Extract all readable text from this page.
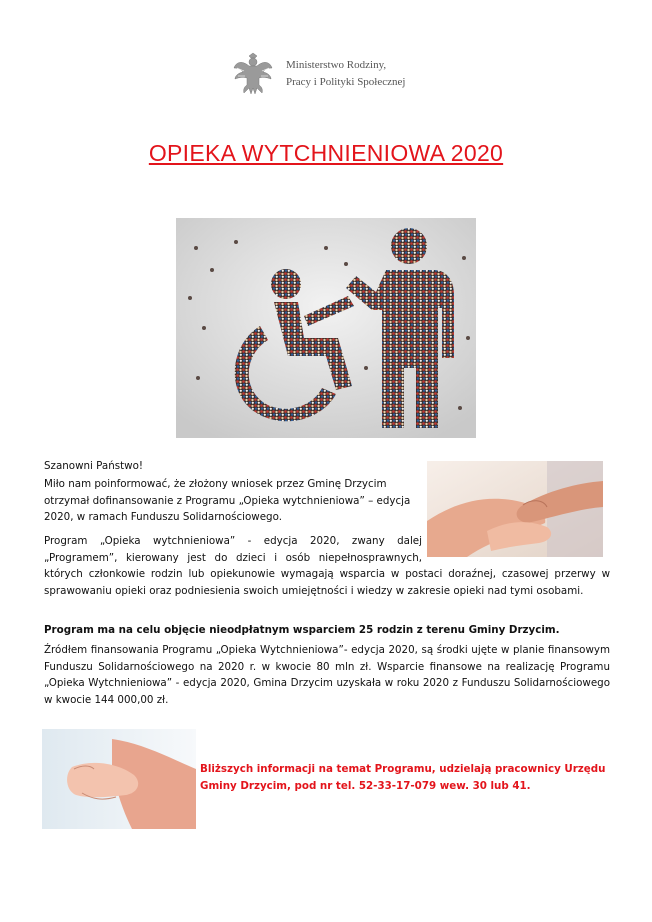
Ministerstwo Rodziny,
Pracy i Polityki Społecznej
OPIEKA WYTCHNIENIOWA 2020
Szanowni Państwo!
Miło nam poinformować, że złożony wniosek przez Gminę Drzycim otrzymał dofinansowanie z Programu „Opieka wytchnieniowa” – edycja 2020, w ramach Funduszu Solidarnościowego.

Program „Opieka wytchnieniowa” - edycja 2020, zwany dalej „Programem”, kierowany jest do dzieci i osób niepełnosprawnych, których członkowie rodzin lub opiekunowie wymagają wsparcia w postaci doraźnej, czasowej przerwy w sprawowaniu opieki oraz podniesienia swoich umiejętności i wiedzy w zakresie opieki nad tymi osobami.

Program ma na celu objęcie nieodpłatnym wsparciem 25 rodzin z terenu Gminy Drzycim.

Źródłem finansowania Programu „Opieka Wytchnieniowa”- edycja 2020, są środki ujęte w planie finansowym Funduszu Solidarnościowego na 2020 r. w kwocie 80 mln zł. Wsparcie finansowe na realizację Programu „Opieka Wytchnieniowa” - edycja 2020, Gmina Drzycim uzyskała w roku 2020 z Funduszu Solidarnościowego w kwocie 144 000,00 zł.

Bliższych informacji na temat Programu, udzielają pracownicy Urzędu Gminy Drzycim, pod nr tel. 52-33-17-079 wew. 30 lub 41.
